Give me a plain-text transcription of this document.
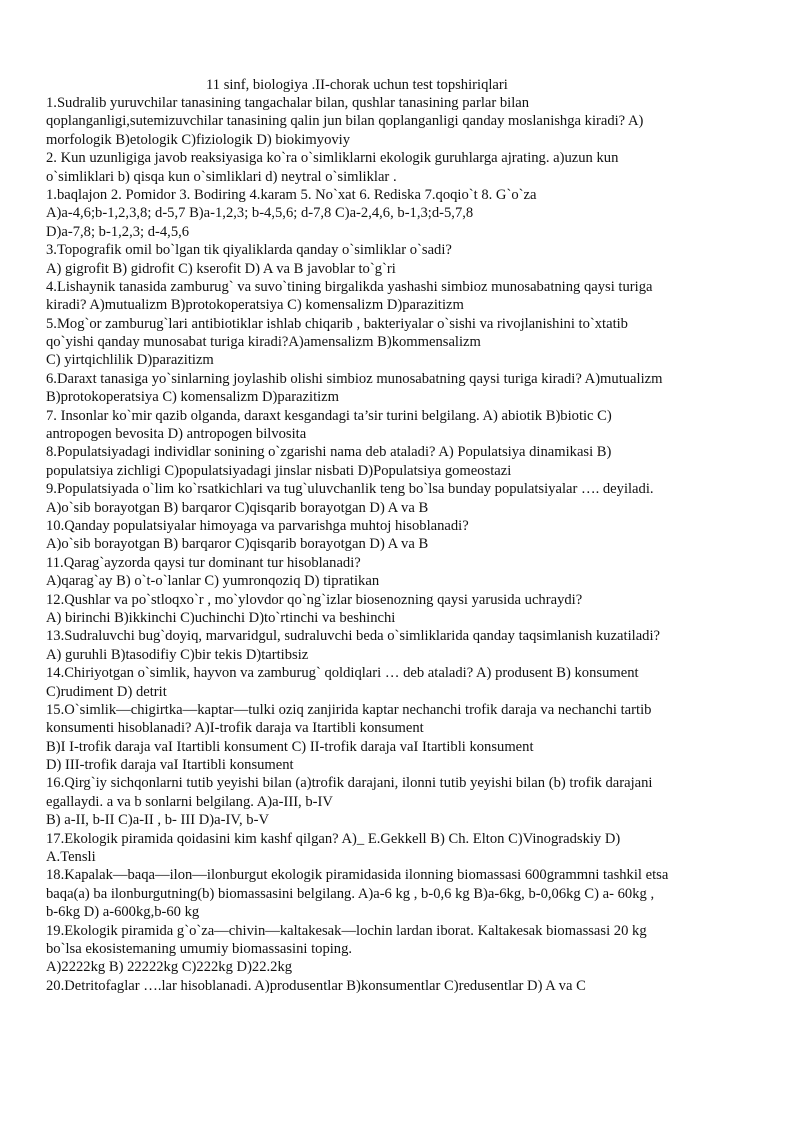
11 sinf, biologiya .II-chorak uchun test topshiriqlari
1.Sudralib yuruvchilar tanasining tangachalar bilan, qushlar tanasining parlar bilan
qoplanganligi,sutemizuvchilar tanasining qalin jun bilan qoplanganligi qanday moslanishga kiradi? A)
morfologik B)etologik C)fiziologik D) biokimyoviy
2. Kun uzunligiga javob reaksiyasiga ko`ra o`simliklarni ekologik guruhlarga ajrating. a)uzun kun
o`simliklari b) qisqa kun o`simliklari d) neytral o`simliklar .
1.baqlajon 2. Pomidor 3. Bodiring 4.karam 5. No`xat 6. Rediska 7.qoqio`t 8. G`o`za
A)a-4,6;b-1,2,3,8; d-5,7 B)a-1,2,3; b-4,5,6; d-7,8 C)a-2,4,6, b-1,3;d-5,7,8
D)a-7,8; b-1,2,3; d-4,5,6
3.Topografik omil bo`lgan tik qiyaliklarda qanday o`simliklar o`sadi?
A) gigrofit B) gidrofit C) kserofit D) A va B javoblar to`g`ri
4.Lishaynik tanasida zamburug` va suvo`tining birgalikda yashashi simbioz munosabatning qaysi turiga
kiradi? A)mutualizm B)protokoperatsiya C) komensalizm D)parazitizm
5.Mog`or zamburug`lari antibiotiklar ishlab chiqarib , bakteriyalar o`sishi va rivojlanishini to`xtatib
qo`yishi qanday munosabat turiga kiradi?A)amensalizm B)kommensalizm
C) yirtqichlilik D)parazitizm
6.Daraxt tanasiga yo`sinlarning joylashib olishi simbioz munosabatning qaysi turiga kiradi? A)mutualizm
B)protokoperatsiya C) komensalizm D)parazitizm
7. Insonlar ko`mir qazib olganda, daraxt kesgandagi ta’sir turini belgilang. A) abiotik B)biotic C)
antropogen bevosita D) antropogen bilvosita
8.Populatsiyadagi individlar sonining o`zgarishi nama deb ataladi? A) Populatsiya dinamikasi B)
populatsiya zichligi C)populatsiyadagi jinslar nisbati D)Populatsiya gomeostazi
9.Populatsiyada o`lim ko`rsatkichlari va tug`uluvchanlik teng bo`lsa bunday populatsiyalar …. deyiladi.
A)o`sib borayotgan B) barqaror C)qisqarib borayotgan D) A va B
10.Qanday populatsiyalar himoyaga va parvarishga muhtoj hisoblanadi?
A)o`sib borayotgan B) barqaror C)qisqarib borayotgan D) A va B
11.Qarag`ayzorda qaysi tur dominant tur hisoblanadi?
A)qarag`ay B) o`t-o`lanlar C) yumronqoziq D) tipratikan
12.Qushlar va po`stloqxo`r , mo`ylovdor qo`ng`izlar biosenozning qaysi yarusida uchraydi?
A) birinchi B)ikkinchi C)uchinchi D)to`rtinchi va beshinchi
13.Sudraluvchi bug`doyiq, marvaridgul, sudraluvchi beda o`simliklarida qanday taqsimlanish kuzatiladi?
A) guruhli B)tasodifiy C)bir tekis D)tartibsiz
14.Chiriyotgan o`simlik, hayvon va zamburug` qoldiqlari … deb ataladi? A) produsent B) konsument
C)rudiment D) detrit
15.O`simlik—chigirtka—kaptar—tulki oziq zanjirida kaptar nechanchi trofik daraja va nechanchi tartib
konsumenti hisoblanadi? A)I-trofik daraja va Itartibli konsument
B)I I-trofik daraja vaI Itartibli konsument C) II-trofik daraja vaI Itartibli konsument
D) III-trofik daraja vaI Itartibli konsument
16.Qirg`iy sichqonlarni tutib yeyishi bilan (a)trofik darajani, ilonni tutib yeyishi bilan (b) trofik darajani
egallaydi. a va b sonlarni belgilang. A)a-III, b-IV
B) a-II, b-II C)a-II , b- III D)a-IV, b-V
17.Ekologik piramida qoidasini kim kashf qilgan? A)_ E.Gekkell B) Ch. Elton C)Vinogradskiy D)
A.Tensli
18.Kapalak—baqa—ilon—ilonburgut ekologik piramidasida ilonning biomassasi 600grammni tashkil etsa
baqa(a) ba ilonburgutning(b) biomassasini belgilang. A)a-6 kg , b-0,6 kg B)a-6kg, b-0,06kg C) a- 60kg ,
b-6kg D) a-600kg,b-60 kg
19.Ekologik piramida g`o`za—chivin—kaltakesak—lochin lardan iborat. Kaltakesak biomassasi 20 kg
bo`lsa ekosistemaning umumiy biomassasini toping.
A)2222kg B) 22222kg C)222kg D)22.2kg
20.Detritofaglar ….lar hisoblanadi. A)produsentlar B)konsumentlar C)redusentlar D) A va C
